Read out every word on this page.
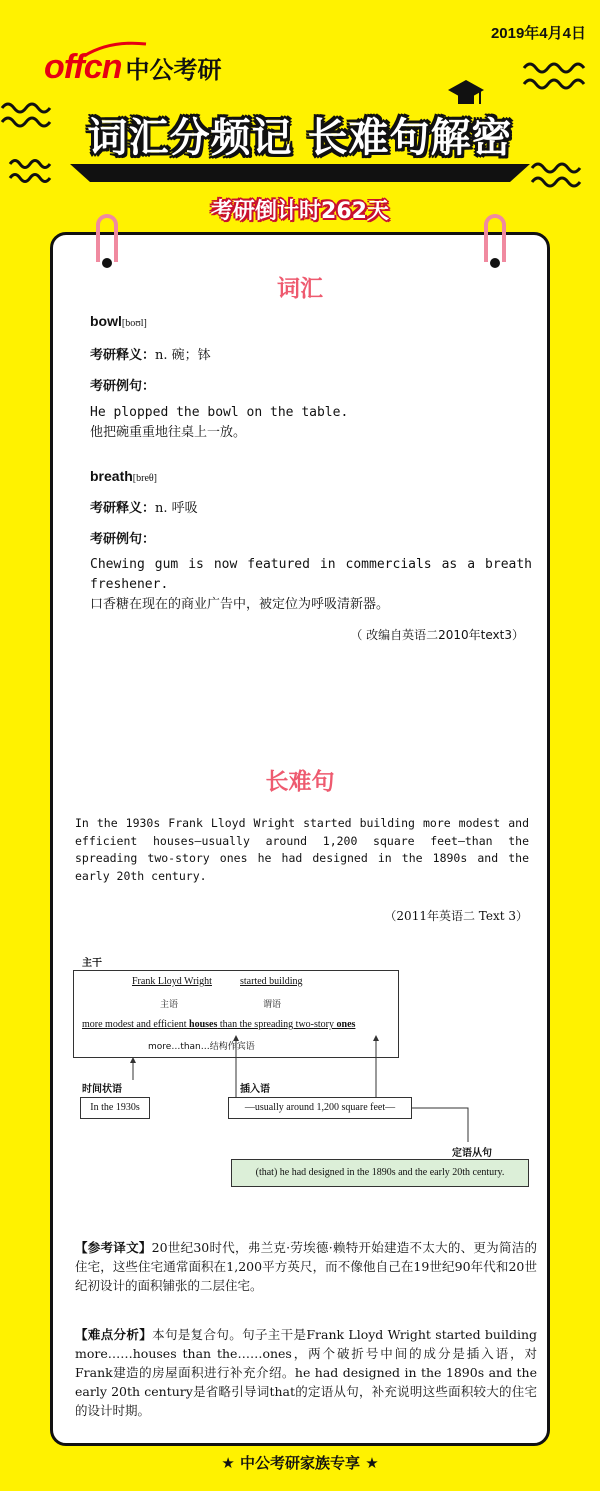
offcn 中公考研
2019年4月4日
词汇分频记 长难句解密
考研倒计时262天
词汇
bowl[boʊl]
考研释义：n. 碗；钵
考研例句：
He plopped the bowl on the table.
他把碗重重地往桌上一放。
breath[breθ]
考研释义：n. 呼吸
考研例句：
Chewing gum is now featured in commercials as a breath freshener.
口香糖在现在的商业广告中，被定位为呼吸清新器。
（ 改编自英语二2010年text3）
长难句
In the 1930s Frank Lloyd Wright started building more modest and efficient houses—usually around 1,200 square feet—than the spreading two-story ones he had designed in the 1890s and the early 20th century.
（2011年英语二 Text 3）
主干
Frank Lloyd Wright	started building
主语	谓语
more modest and efficient houses than the spreading two-story ones
more…than…结构作宾语
时间状语
In the 1930s
插入语
—usually around 1,200 square feet—
定语从句
(that) he had designed in the 1890s and the early 20th century.
【参考译文】20世纪30时代，弗兰克·劳埃德·赖特开始建造不太大的、更为简洁的住宅，这些住宅通常面积在1,200平方英尺，而不像他自己在19世纪90年代和20世纪初设计的面积铺张的二层住宅。
【难点分析】本句是复合句。句子主干是Frank Lloyd Wright started building more……houses than the……ones，两个破折号中间的成分是插入语，对Frank建造的房屋面积进行补充介绍。he had designed in the 1890s and the early 20th century是省略引导词that的定语从句，补充说明这些面积较大的住宅的设计时期。
★ 中公考研家族专享 ★
